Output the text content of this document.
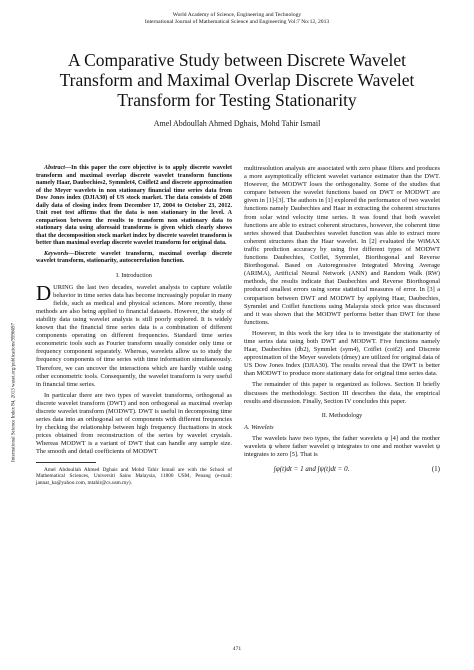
World Academy of Science, Engineering and Technology
International Journal of Mathematical Science and Engineering Vol:7 No:12, 2013
International Science Index 84, 2013 waset.org/publications/9996697
A Comparative Study between Discrete Wavelet
Transform and Maximal Overlap Discrete Wavelet
Transform for Testing Stationarity
Amel Abdoullah Ahmed Dghais, Mohd Tahir Ismail

Abstract—In this paper the core objective is to apply discrete wavelet transform and maximal overlap discrete wavelet transform functions namely Haar, Daubechies2, Symmlet4, Coiflet2 and discrete approximation of the Meyer wavelets in non stationary financial time series data from Dow Jones index (DJIA30) of US stock market. The data consists of 2048 daily data of closing index from December 17, 2004 to October 23, 2012. Unit root test affirms that the data is non stationary in the level. A comparison between the results to transform non stationary data to stationary data using aforesaid transforms is given which clearly shows that the decomposition stock market index by discrete wavelet transform is better than maximal overlap discrete wavelet transform for original data.

Keywords—Discrete wavelet transform, maximal overlap discrete wavelet transform, stationarity, autocorrelation function.

I. Introduction

DURING the last two decades, wavelet analysis to capture volatile behavior in time series data has become increasingly popular in many fields, such as medical and physical sciences. More recently, these methods are also being applied to financial datasets. However, the study of stability data using wavelet analysis is still poorly explored. It is widely known that the financial time series data is a combination of different components operating on different frequencies. Standard time series econometric tools such as Fourier transform usually consider only time or frequency component separately. Whereas, wavelets allow us to study the frequency components of time series with time information simultaneously. Therefore, we can uncover the interactions which are hardly visible using other econometric tools. Consequently, the wavelet transform is very useful in financial time series.

In particular there are two types of wavelet transforms, orthogonal as discrete wavelet transform (DWT) and non orthogonal as maximal overlap discrete wavelet transform (MODWT). DWT is useful in decomposing time series data into an orthogonal set of components with different frequencies by checking the relationship between high frequency fluctuations in stock prices obtained from reconstruction of the series by wavelet crystals. Whereas MODWT is a variant of DWT that can handle any sample size. The smooth and detail coefficients of MODWT

Amel Abdoullah Ahmed Dghais and Mohd Tahir Ismail are with the School of Mathematical Sciences, Universiti Sains Malaysia, 11800 USM, Penang (e-mail: jannat_ka@yahoo.com, mtahir@cs.usm.my).

multiresolution analysis are associated with zero phase filters and produces a more asymptotically efficient wavelet variance estimator than the DWT. However, the MODWT loses the orthogonality. Some of the studies that compare between the wavelet functions based on DWT or MODWT are given in [1]-[3]. The authors in [1] explored the performance of two wavelet functions namely Daubechies and Haar in extracting the coherent structures from solar wind velocity time series. It was found that both wavelet functions are able to extract coherent structures, however, the coherent time series showed that Daubechies wavelet function was able to extract more coherent structures than the Haar wavelet. In [2] evaluated the WiMAX traffic prediction accuracy by using five different types of MODWT functions Daubechies, Coiflet, Symmlet, Biorthogonal and Reverse Biorthogonal. Based on Autoregressive Integrated Moving Average (ARIMA), Artificial Neural Network (ANN) and Random Walk (RW) methods, the results indicate that Daubechies and Reverse Biorthogonal produced smallest errors using some statistical measures of error. In [3] a comparison between DWT and MODWT by applying Haar, Daubechies, Symmlet and Coiflet functions using Malaysia stock price was discussed and it was shown that the MODWT performs better than DWT for these functions.

However, in this work the key idea is to investigate the stationarity of time series data using both DWT and MODWT. Five functions namely Haar, Daubechies (db2), Symmlet (sym4), Coiflet (coif2) and Discrete approximation of the Meyer wavelets (dmey) are utilized for original data of US Dow Jones Index (DJIA30). The results reveal that the DWT is better than MODWT to produce more stationary data for original time series data.

The remainder of this paper is organized as follows. Section II briefly discusses the methodology. Section III describes the data, the empirical results and discussion. Finally, Section IV concludes this paper.

II. Methodology
A. Wavelets

The wavelets have two types, the father wavelets φ [4] and the mother wavelets ψ where father wavelet φ integrates to one and mother wavelet ψ integrates to zero [5]. That is

∫φ(t)dt = 1 and ∫ψ(t)dt = 0.	(1)
471
